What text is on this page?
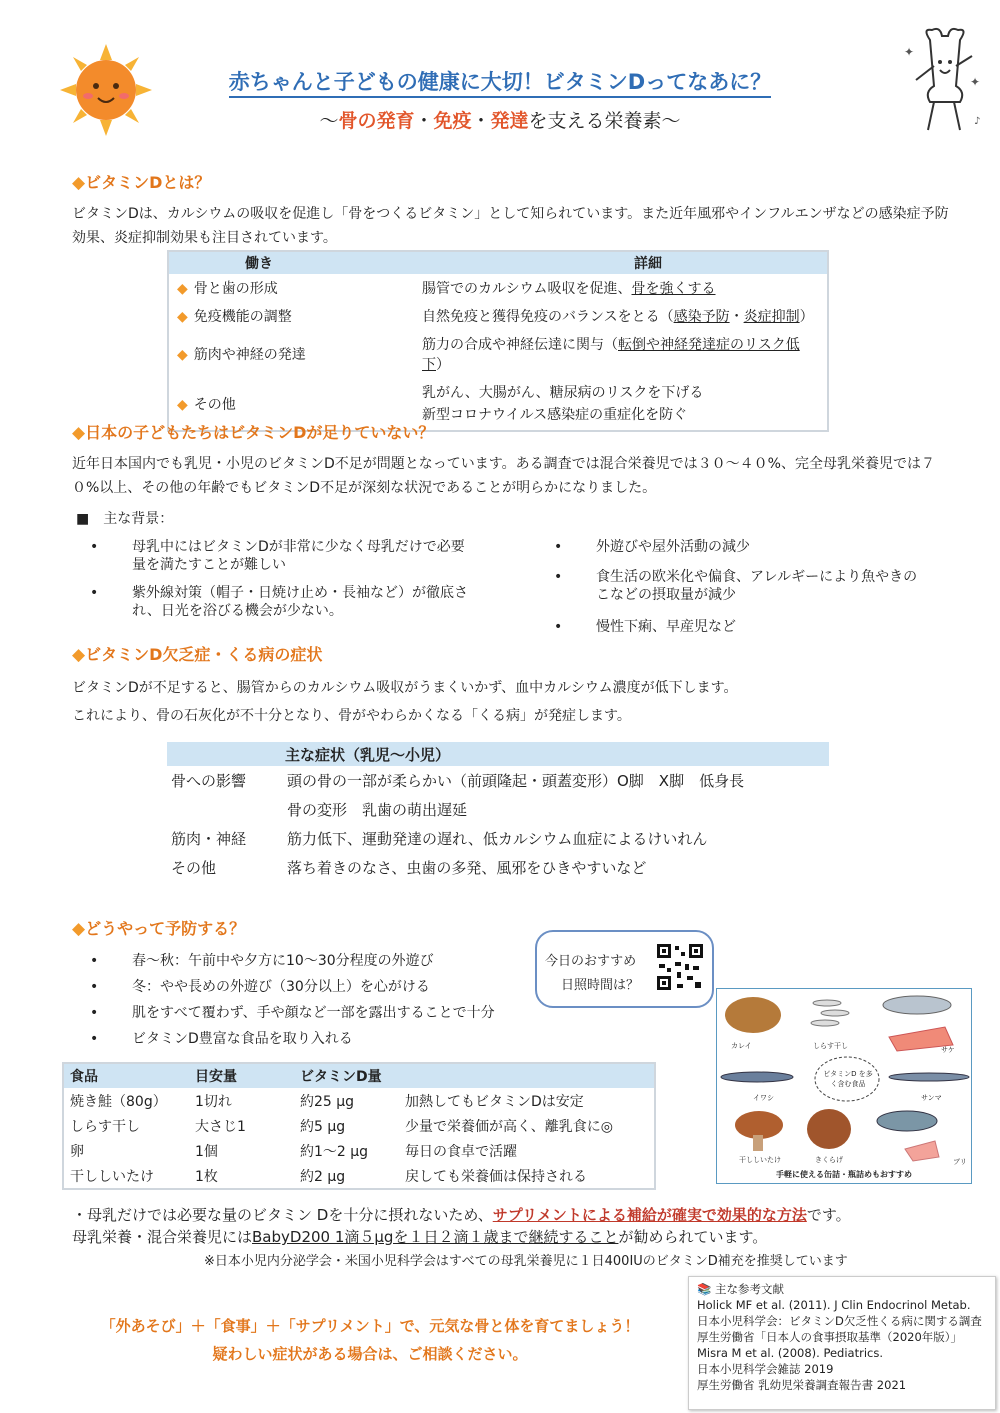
✦
✦
♪
赤ちゃんと子どもの健康に大切！ビタミンDってなあに？
～骨の発育・免疫・発達を支える栄養素～
◆ビタミンDとは？
ビタミンDは、カルシウムの吸収を促進し「骨をつくるビタミン」として知られています。また近年風邪やインフルエンザなどの感染症予防効果、炎症抑制効果も注目されています。
働き	詳細
◆ 骨と歯の形成	腸管でのカルシウム吸収を促進、骨を強くする
◆ 免疫機能の調整	自然免疫と獲得免疫のバランスをとる（感染予防・炎症抑制）
◆ 筋肉や神経の発達	筋力の合成や神経伝達に関与（転倒や神経発達症のリスク低下）
◆ その他	乳がん、大腸がん、糖尿病のリスクを下げる
新型コロナウイルス感染症の重症化を防ぐ
◆日本の子どもたちはビタミンDが足りていない？
近年日本国内でも乳児・小児のビタミンD不足が問題となっています。ある調査では混合栄養児では３０～４０%、完全母乳栄養児では７０%以上、その他の年齢でもビタミンD不足が深刻な状況であることが明らかになりました。
■　主な背景：
• 母乳中にはビタミンDが非常に少なく母乳だけで必要量を満たすことが難しい
• 紫外線対策（帽子・日焼け止め・長袖など）が徹底され、日光を浴びる機会が少ない。
• 外遊びや屋外活動の減少
• 食生活の欧米化や偏食、アレルギーにより魚やきのこなどの摂取量が減少
• 慢性下痢、早産児など
◆ビタミンD欠乏症・くる病の症状
ビタミンDが不足すると、腸管からのカルシウム吸収がうまくいかず、血中カルシウム濃度が低下します。
これにより、骨の石灰化が不十分となり、骨がやわらかくなる「くる病」が発症します。
主な症状（乳児～小児）	
骨への影響	頭の骨の一部が柔らかい（前頭隆起・頭蓋変形）O脚　X脚　低身長
	骨の変形　乳歯の萌出遅延
筋肉・神経	筋力低下、運動発達の遅れ、低カルシウム血症によるけいれん
その他	落ち着きのなさ、虫歯の多発、風邪をひきやすいなど
◆どうやって予防する？
• 春～秋：午前中や夕方に10～30分程度の外遊び
• 冬：やや長めの外遊び（30分以上）を心がける
• 肌をすべて覆わず、手や顔など一部を露出することで十分
• ビタミンD豊富な食品を取り入れる
今日のおすすめ
日照時間は？
カレイ	しらす干し	サケ
イワシ
ビタミンD を多く含む食品
サンマ
干ししいたけ	きくらげ	ブリ
手軽に使える缶詰・瓶詰めもおすすめ
食品	目安量	ビタミンD量	
焼き鮭（80g）	1切れ	約25 μg	加熱してもビタミンDは安定
しらす干し	大さじ1	約5 μg	少量で栄養価が高く、離乳食に◎
卵	1個	約1～2 μg	毎日の食卓で活躍
干ししいたけ	1枚	約2 μg	戻しても栄養価は保持される
・母乳だけでは必要な量のビタミン Dを十分に摂れないため、サプリメントによる補給が確実で効果的な方法です。
母乳栄養・混合栄養児にはBabyD200 1滴５μgを１日２滴１歳まで継続することが勧められています。
※日本小児内分泌学会・米国小児科学会はすべての母乳栄養児に１日400IUのビタミンD補充を推奨しています
「外あそび」＋「食事」＋「サプリメント」で、元気な骨と体を育てましょう！
疑わしい症状がある場合は、ご相談ください。
📚 主な参考文献
Holick MF et al. (2011). J Clin Endocrinol Metab.
日本小児科学会：ビタミンD欠乏性くる病に関する調査
厚生労働省「日本人の食事摂取基準（2020年版）」
Misra M et al. (2008). Pediatrics.
日本小児科学会雑誌 2019
厚生労働省 乳幼児栄養調査報告書 2021
